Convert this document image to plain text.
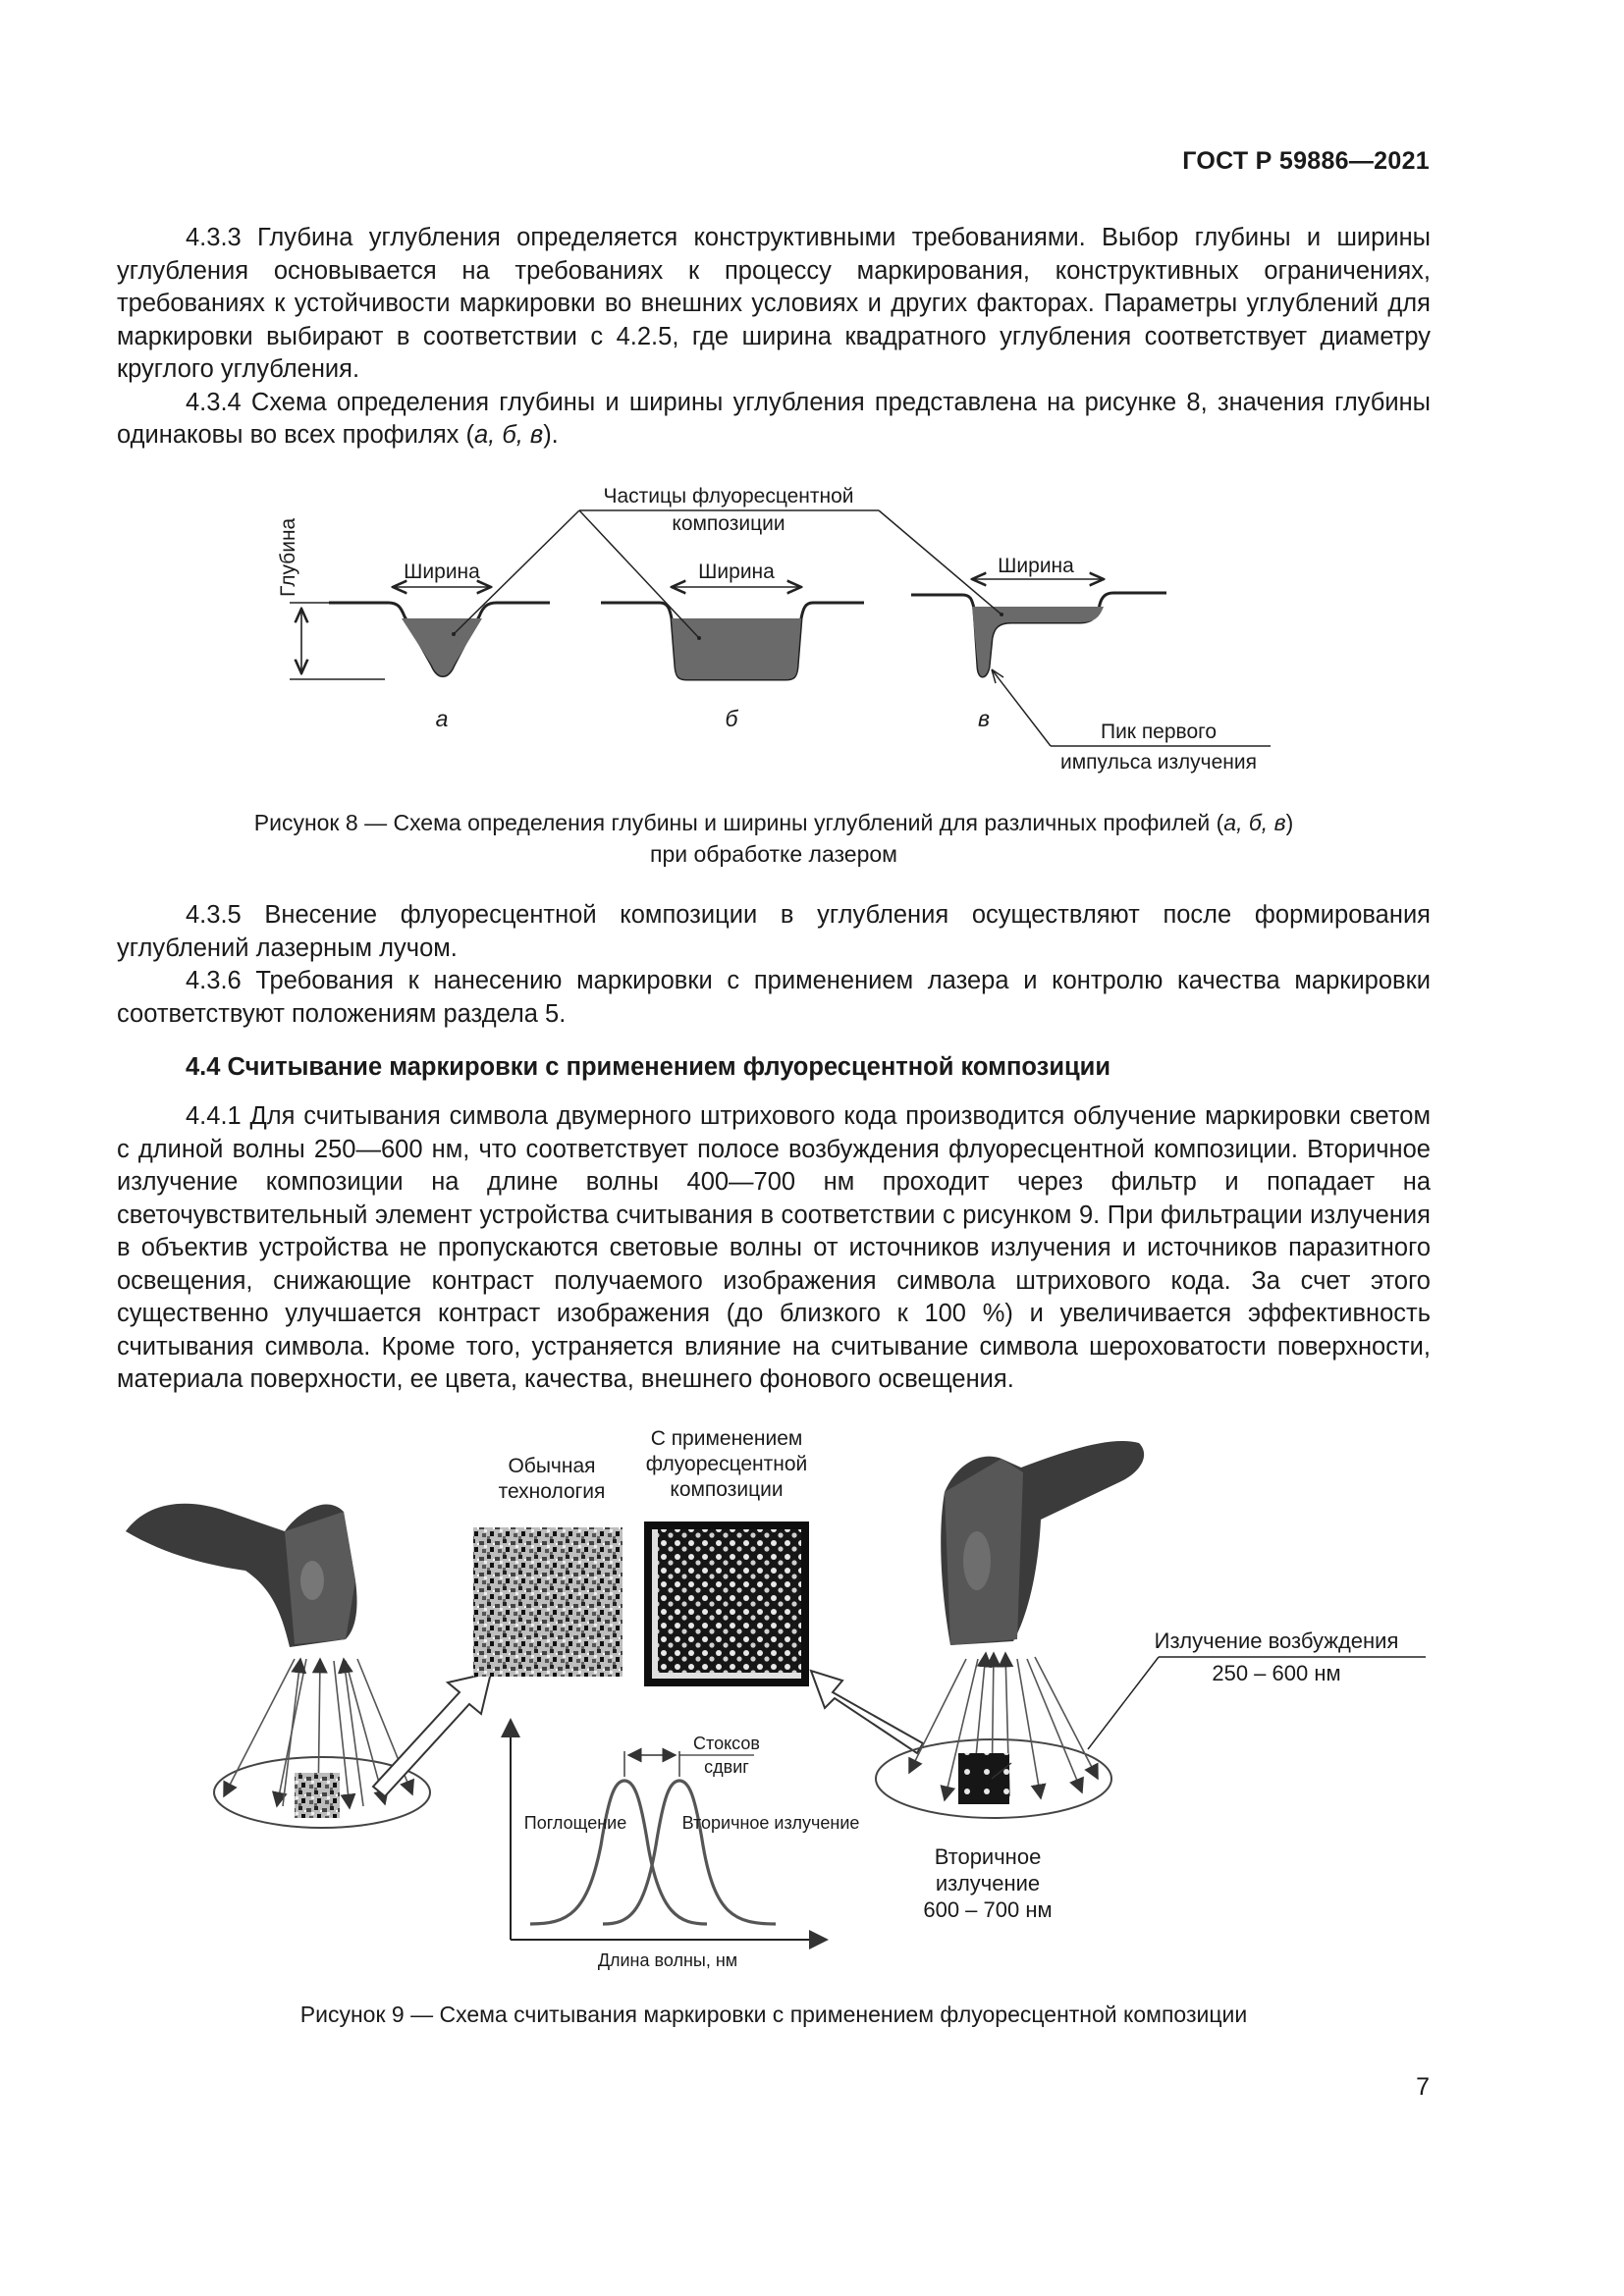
ГОСТ Р 59886—2021

4.3.3 Глубина углубления определяется конструктивными требованиями. Выбор глубины и ширины углубления основывается на требованиях к процессу маркирования, конструктивных ограничениях, требованиях к устойчивости маркировки во внешних условиях и других факторах. Параметры углублений для маркировки выбирают в соответствии с 4.2.5, где ширина квадратного углубления соответствует диаметру круглого углубления.

4.3.4 Схема определения глубины и ширины углубления представлена на рисунке 8, значения глубины одинаковы во всех профилях (а, б, в).

Глубина	Ширина
а
Ширина
б
Ширина
в
Частицы флуоресцентной
композиции
Пик первого
импульса излучения
Рисунок 8 — Схема определения глубины и ширины углублений для различных профилей (а, б, в)
при обработке лазером

4.3.5 Внесение флуоресцентной композиции в углубления осуществляют после формирования углублений лазерным лучом.

4.3.6 Требования к нанесению маркировки с применением лазера и контролю качества маркировки соответствуют положениям раздела 5.

4.4 Считывание маркировки с применением флуоресцентной композиции

4.4.1 Для считывания символа двумерного штрихового кода производится облучение маркировки светом с длиной волны 250—600 нм, что соответствует полосе возбуждения флуоресцентной композиции. Вторичное излучение композиции на длине волны 400—700 нм проходит через фильтр и попадает на светочувствительный элемент устройства считывания в соответствии с рисунком 9. При фильтрации излучения в объектив устройства не пропускаются световые волны от источников излучения и источников паразитного освещения, снижающие контраст получаемого изображения символа штрихового кода. За счет этого существенно улучшается контраст изображения (до близкого к 100 %) и увеличивается эффективность считывания символа. Кроме того, устраняется влияние на считывание символа шероховатости поверхности, материала поверхности, ее цвета, качества, внешнего фонового освещения.

Обычная
технология
С применением
флуоресцентной
композиции
Стоксов
сдвиг
Поглощение	Вторичное излучение
Длина волны, нм
Излучение возбуждения
250 – 600 нм
Вторичное
излучение
600 – 700 нм
Рисунок 9 — Схема считывания маркировки с применением флуоресцентной композиции
7
